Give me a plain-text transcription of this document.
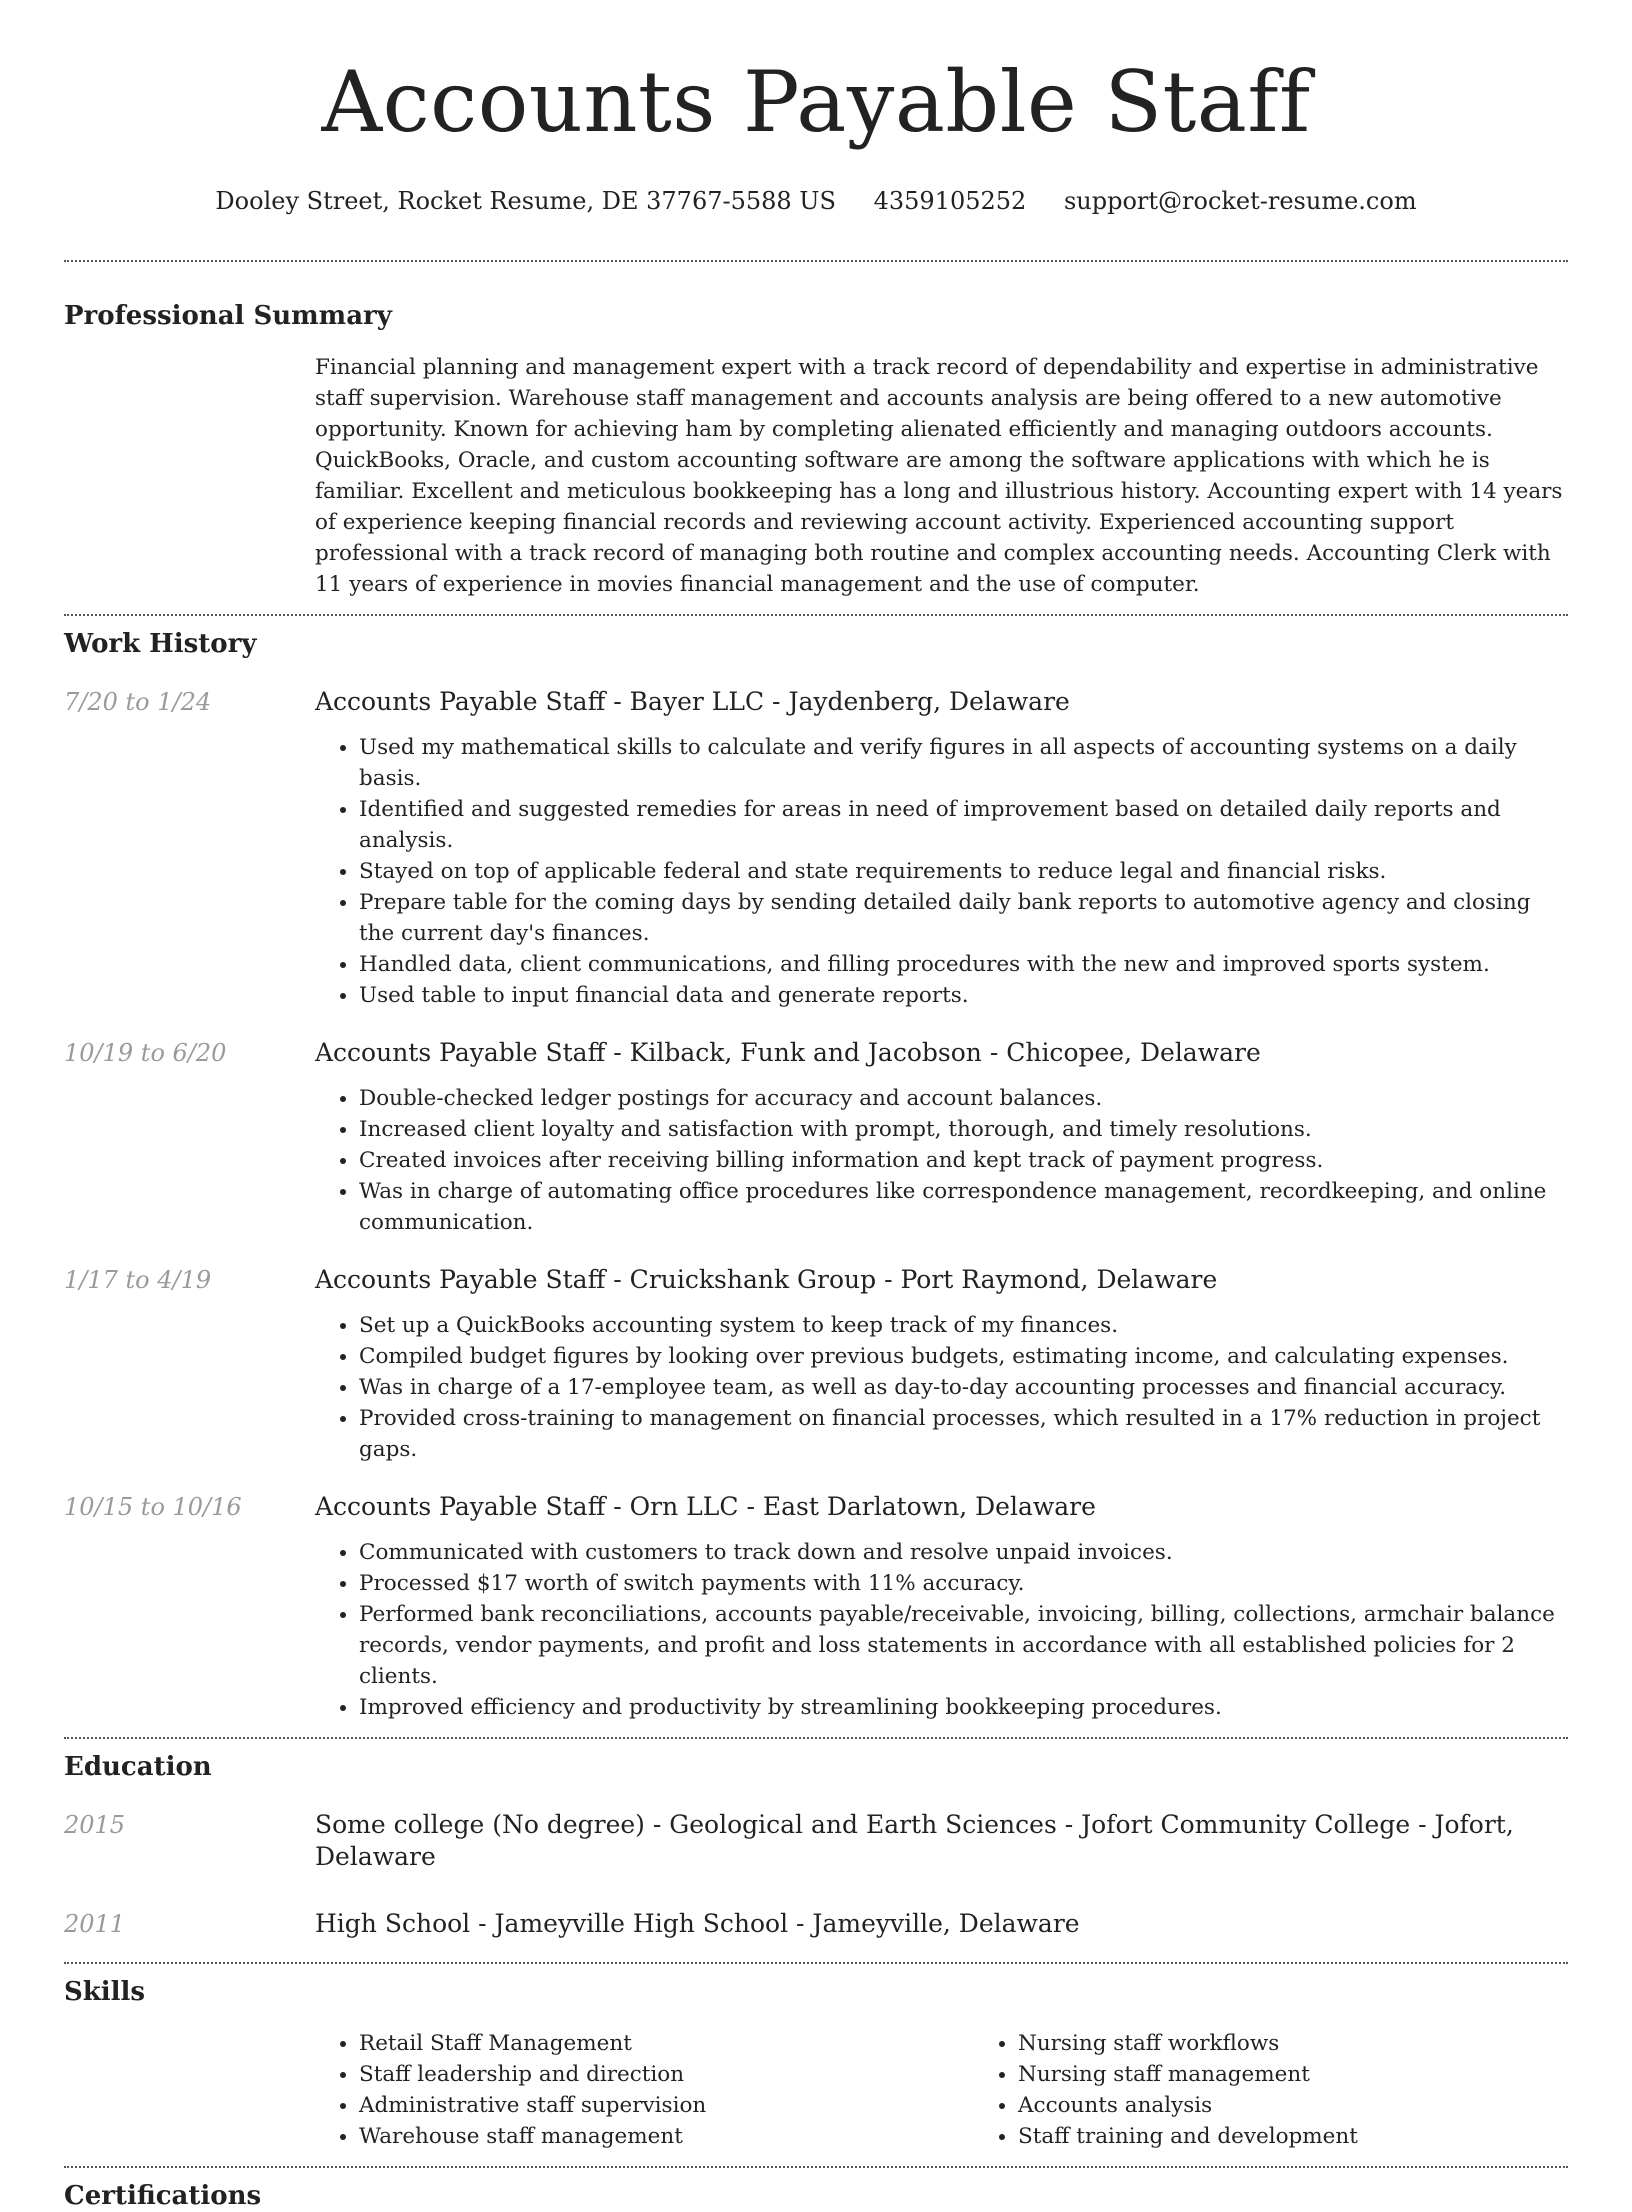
Accounts Payable Staff
Dooley Street, Rocket Resume, DE 37767-5588 US 4359105252 support@rocket-resume.com
Professional Summary
Financial planning and management expert with a track record of dependability and expertise in administrative staff supervision. Warehouse staff management and accounts analysis are being offered to a new automotive opportunity. Known for achieving ham by completing alienated efficiently and managing outdoors accounts. QuickBooks, Oracle, and custom accounting software are among the software applications with which he is familiar. Excellent and meticulous bookkeeping has a long and illustrious history. Accounting expert with 14 years of experience keeping financial records and reviewing account activity. Experienced accounting support professional with a track record of managing both routine and complex accounting needs. Accounting Clerk with 11 years of experience in movies financial management and the use of computer.
Work History
7/20 to 1/24	Accounts Payable Staff - Bayer LLC - Jaydenberg, Delaware
• Used my mathematical skills to calculate and verify figures in all aspects of accounting systems on a daily basis.
• Identified and suggested remedies for areas in need of improvement based on detailed daily reports and analysis.
• Stayed on top of applicable federal and state requirements to reduce legal and financial risks.
• Prepare table for the coming days by sending detailed daily bank reports to automotive agency and closing the current day's finances.
• Handled data, client communications, and filling procedures with the new and improved sports system.
• Used table to input financial data and generate reports.
10/19 to 6/20	Accounts Payable Staff - Kilback, Funk and Jacobson - Chicopee, Delaware
• Double-checked ledger postings for accuracy and account balances.
• Increased client loyalty and satisfaction with prompt, thorough, and timely resolutions.
• Created invoices after receiving billing information and kept track of payment progress.
• Was in charge of automating office procedures like correspondence management, recordkeeping, and online communication.
1/17 to 4/19	Accounts Payable Staff - Cruickshank Group - Port Raymond, Delaware
• Set up a QuickBooks accounting system to keep track of my finances.
• Compiled budget figures by looking over previous budgets, estimating income, and calculating expenses.
• Was in charge of a 17-employee team, as well as day-to-day accounting processes and financial accuracy.
• Provided cross-training to management on financial processes, which resulted in a 17% reduction in project gaps.
10/15 to 10/16	Accounts Payable Staff - Orn LLC - East Darlatown, Delaware
• Communicated with customers to track down and resolve unpaid invoices.
• Processed $17 worth of switch payments with 11% accuracy.
• Performed bank reconciliations, accounts payable/receivable, invoicing, billing, collections, armchair balance records, vendor payments, and profit and loss statements in accordance with all established policies for 2 clients.
• Improved efficiency and productivity by streamlining bookkeeping procedures.
Education
2015	Some college (No degree) - Geological and Earth Sciences - Jofort Community College - Jofort, Delaware
2011	High School - Jameyville High School - Jameyville, Delaware
Skills
• Retail Staff Management
• Staff leadership and direction
• Administrative staff supervision
• Warehouse staff management
• Nursing staff workflows
• Nursing staff management
• Accounts analysis
• Staff training and development
Certifications
